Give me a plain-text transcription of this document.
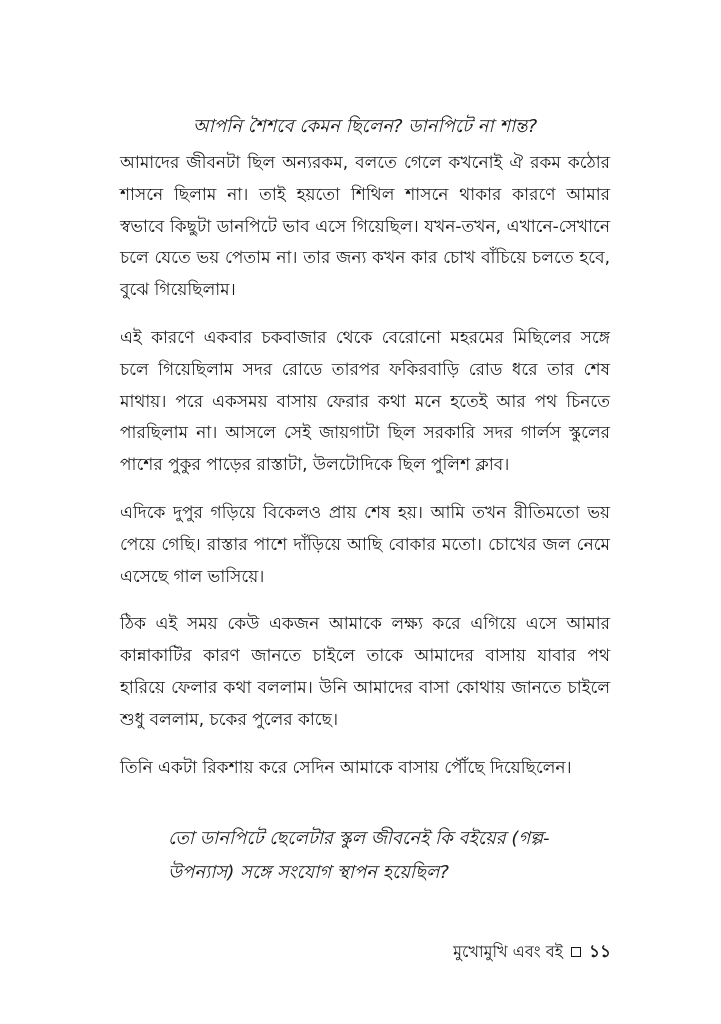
আপনি শৈশবে কেমন ছিলেন? ডানপিটে না শান্ত?

আমাদের জীবনটা ছিল অন্যরকম, বলতে গেলে কখনোই ঐ রকম কঠোর শাসনে ছিলাম না। তাই হয়তো শিথিল শাসনে থাকার কারণে আমার স্বভাবে কিছুটা ডানপিটে ভাব এসে গিয়েছিল। যখন-তখন, এখানে-সেখানে চলে যেতে ভয় পেতাম না। তার জন্য কখন কার চোখ বাঁচিয়ে চলতে হবে, বুঝে গিয়েছিলাম।

এই কারণে একবার চকবাজার থেকে বেরোনো মহরমের মিছিলের সঙ্গে চলে গিয়েছিলাম সদর রোডে তারপর ফকিরবাড়ি রোড ধরে তার শেষ মাথায়। পরে একসময় বাসায় ফেরার কথা মনে হতেই আর পথ চিনতে পারছিলাম না। আসলে সেই জায়গাটা ছিল সরকারি সদর গার্লস স্কুলের পাশের পুকুর পাড়ের রাস্তাটা, উলটোদিকে ছিল পুলিশ ক্লাব।

এদিকে দুপুর গড়িয়ে বিকেলও প্রায় শেষ হয়। আমি তখন রীতিমতো ভয় পেয়ে গেছি। রাস্তার পাশে দাঁড়িয়ে আছি বোকার মতো। চোখের জল নেমে এসেছে গাল ভাসিয়ে।

ঠিক এই সময় কেউ একজন আমাকে লক্ষ্য করে এগিয়ে এসে আমার কান্নাকাটির কারণ জানতে চাইলে তাকে আমাদের বাসায় যাবার পথ হারিয়ে ফেলার কথা বললাম। উনি আমাদের বাসা কোথায় জানতে চাইলে শুধু বললাম, চকের পুলের কাছে।

তিনি একটা রিকশায় করে সেদিন আমাকে বাসায় পৌঁছে দিয়েছিলেন।

তো ডানপিটে ছেলেটার স্কুল জীবনেই কি বইয়ের (গল্প-উপন্যাস) সঙ্গে সংযোগ স্থাপন হয়েছিল?
মুখোমুখি এবং বই ১১
